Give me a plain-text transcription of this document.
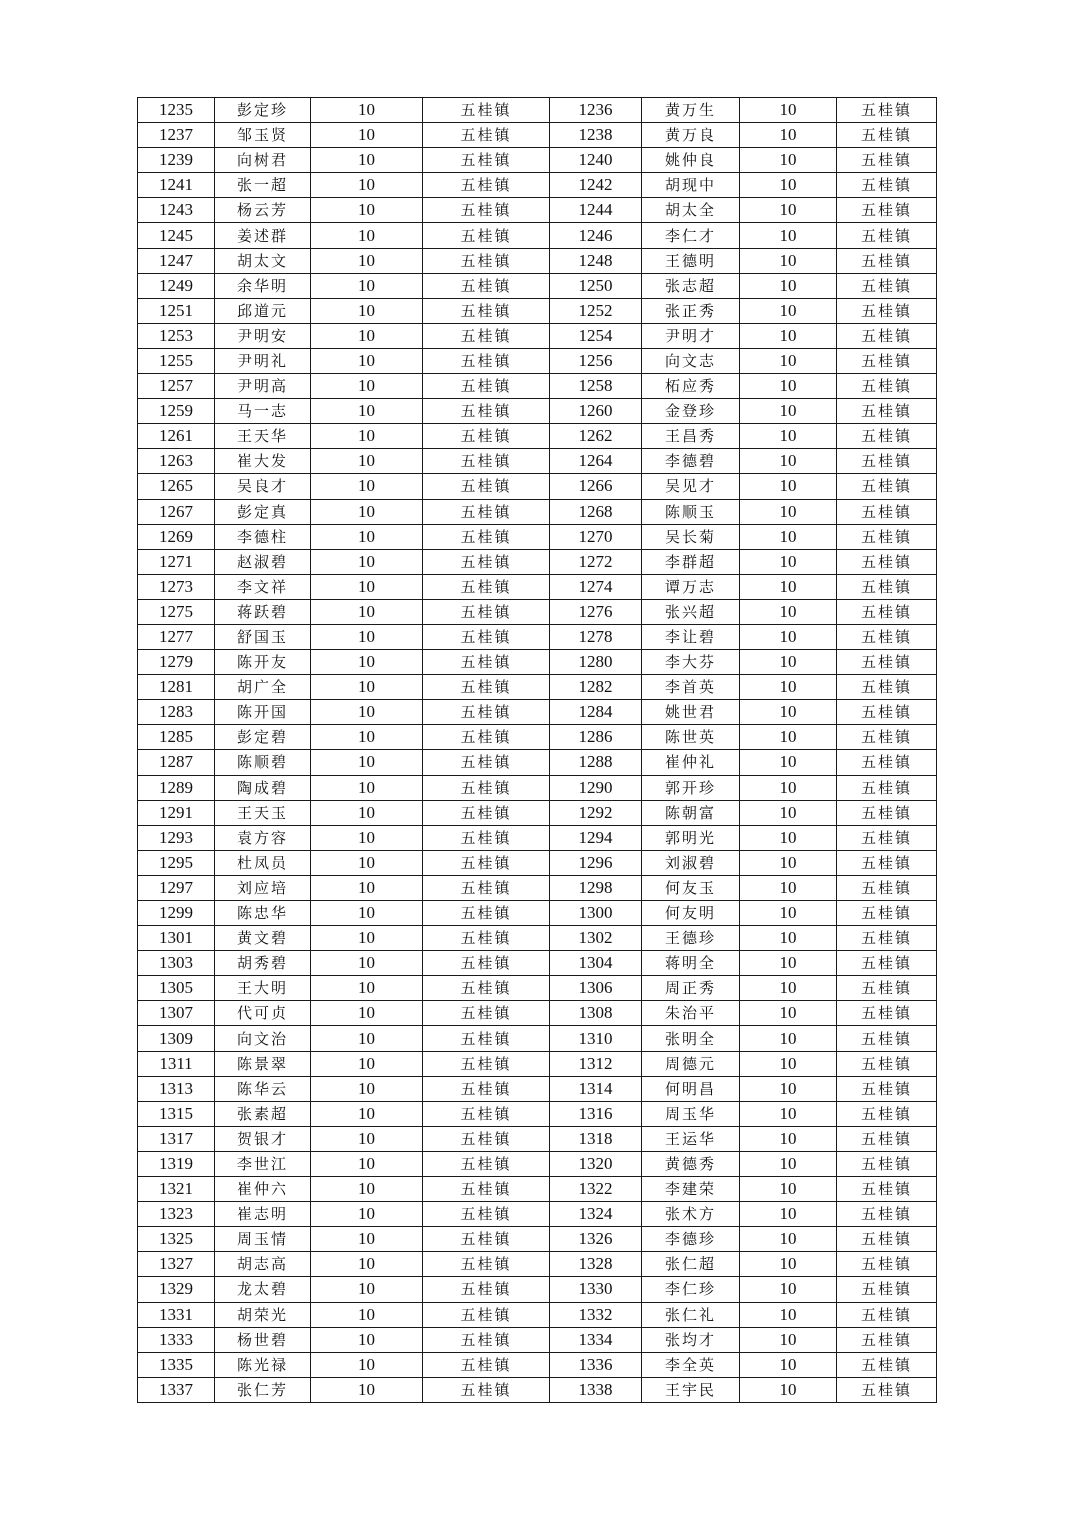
1235	彭定珍	10	五桂镇	1236	黄万生	10	五桂镇
1237	邹玉贤	10	五桂镇	1238	黄万良	10	五桂镇
1239	向树君	10	五桂镇	1240	姚仲良	10	五桂镇
1241	张一超	10	五桂镇	1242	胡现中	10	五桂镇
1243	杨云芳	10	五桂镇	1244	胡太全	10	五桂镇
1245	姜述群	10	五桂镇	1246	李仁才	10	五桂镇
1247	胡太文	10	五桂镇	1248	王德明	10	五桂镇
1249	余华明	10	五桂镇	1250	张志超	10	五桂镇
1251	邱道元	10	五桂镇	1252	张正秀	10	五桂镇
1253	尹明安	10	五桂镇	1254	尹明才	10	五桂镇
1255	尹明礼	10	五桂镇	1256	向文志	10	五桂镇
1257	尹明高	10	五桂镇	1258	柘应秀	10	五桂镇
1259	马一志	10	五桂镇	1260	金登珍	10	五桂镇
1261	王天华	10	五桂镇	1262	王昌秀	10	五桂镇
1263	崔大发	10	五桂镇	1264	李德碧	10	五桂镇
1265	吴良才	10	五桂镇	1266	吴见才	10	五桂镇
1267	彭定真	10	五桂镇	1268	陈顺玉	10	五桂镇
1269	李德柱	10	五桂镇	1270	吴长菊	10	五桂镇
1271	赵淑碧	10	五桂镇	1272	李群超	10	五桂镇
1273	李文祥	10	五桂镇	1274	谭万志	10	五桂镇
1275	蒋跃碧	10	五桂镇	1276	张兴超	10	五桂镇
1277	舒国玉	10	五桂镇	1278	李让碧	10	五桂镇
1279	陈开友	10	五桂镇	1280	李大芬	10	五桂镇
1281	胡广全	10	五桂镇	1282	李首英	10	五桂镇
1283	陈开国	10	五桂镇	1284	姚世君	10	五桂镇
1285	彭定碧	10	五桂镇	1286	陈世英	10	五桂镇
1287	陈顺碧	10	五桂镇	1288	崔仲礼	10	五桂镇
1289	陶成碧	10	五桂镇	1290	郭开珍	10	五桂镇
1291	王天玉	10	五桂镇	1292	陈朝富	10	五桂镇
1293	袁方容	10	五桂镇	1294	郭明光	10	五桂镇
1295	杜凤员	10	五桂镇	1296	刘淑碧	10	五桂镇
1297	刘应培	10	五桂镇	1298	何友玉	10	五桂镇
1299	陈忠华	10	五桂镇	1300	何友明	10	五桂镇
1301	黄文碧	10	五桂镇	1302	王德珍	10	五桂镇
1303	胡秀碧	10	五桂镇	1304	蒋明全	10	五桂镇
1305	王大明	10	五桂镇	1306	周正秀	10	五桂镇
1307	代可贞	10	五桂镇	1308	朱治平	10	五桂镇
1309	向文治	10	五桂镇	1310	张明全	10	五桂镇
1311	陈景翠	10	五桂镇	1312	周德元	10	五桂镇
1313	陈华云	10	五桂镇	1314	何明昌	10	五桂镇
1315	张素超	10	五桂镇	1316	周玉华	10	五桂镇
1317	贺银才	10	五桂镇	1318	王运华	10	五桂镇
1319	李世江	10	五桂镇	1320	黄德秀	10	五桂镇
1321	崔仲六	10	五桂镇	1322	李建荣	10	五桂镇
1323	崔志明	10	五桂镇	1324	张术方	10	五桂镇
1325	周玉情	10	五桂镇	1326	李德珍	10	五桂镇
1327	胡志高	10	五桂镇	1328	张仁超	10	五桂镇
1329	龙太碧	10	五桂镇	1330	李仁珍	10	五桂镇
1331	胡荣光	10	五桂镇	1332	张仁礼	10	五桂镇
1333	杨世碧	10	五桂镇	1334	张均才	10	五桂镇
1335	陈光禄	10	五桂镇	1336	李全英	10	五桂镇
1337	张仁芳	10	五桂镇	1338	王宇民	10	五桂镇
